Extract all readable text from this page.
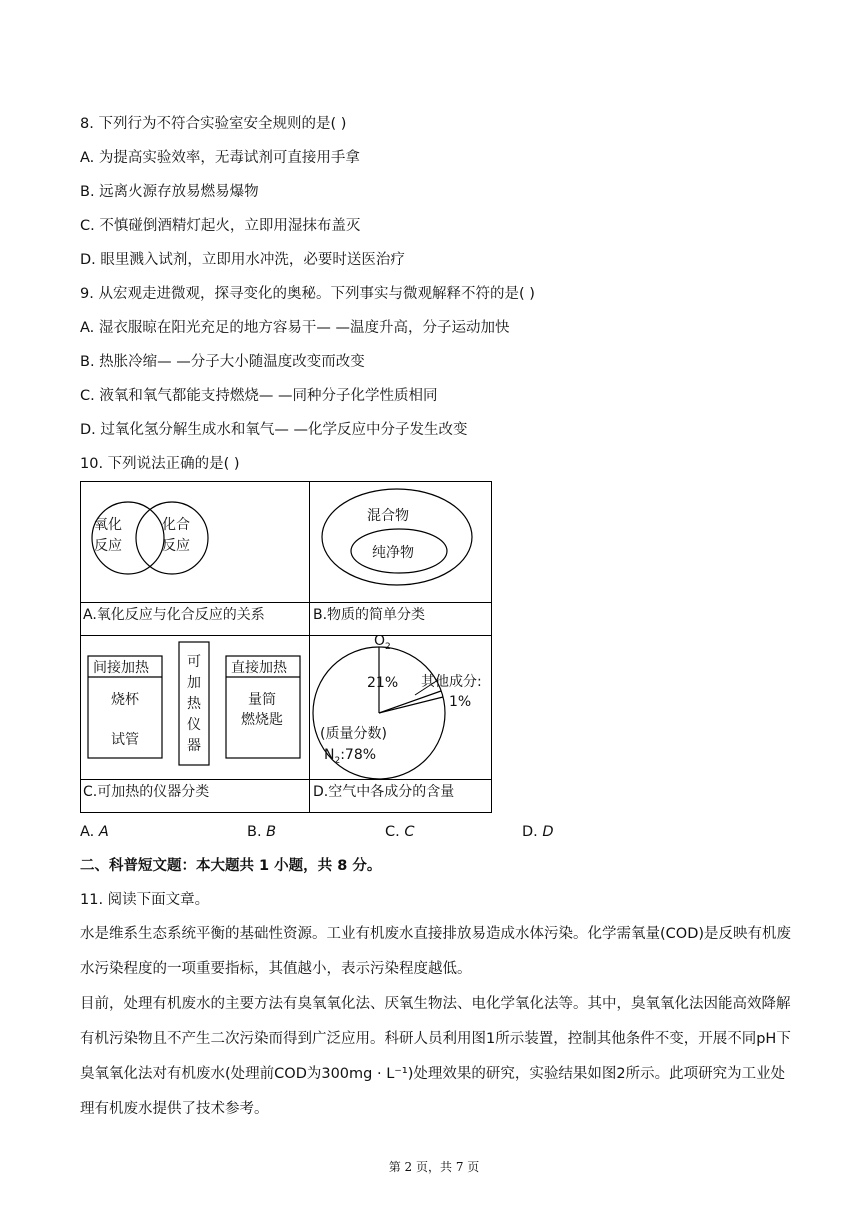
8. 下列行为不符合实验室安全规则的是( )
A. 为提高实验效率，无毒试剂可直接用手拿
B. 远离火源存放易燃易爆物
C. 不慎碰倒酒精灯起火，立即用湿抹布盖灭
D. 眼里溅入试剂，立即用水冲洗，必要时送医治疗
9. 从宏观走进微观，探寻变化的奥秘。下列事实与微观解释不符的是( )
A. 湿衣服晾在阳光充足的地方容易干— —温度升高，分子运动加快
B. 热胀冷缩— —分子大小随温度改变而改变
C. 液氧和氧气都能支持燃烧— —同种分子化学性质相同
D. 过氧化氢分解生成水和氧气— —化学反应中分子发生改变
10. 下列说法正确的是( )
氧化
反应
化合
反应
A.氧化反应与化合反应的关系
混合物
纯净物
B.物质的简单分类
间接加热
烧杯
试管
可
加
热
仪
器
直接加热
量筒
燃烧匙
C.可加热的仪器分类
$O_2$
21% 其他成分:
1%
(质量分数)
$N_2:78\%$
D.空气中各成分的含量
A. A	B. B	C. C	D. D
二、科普短文题：本大题共 1 小题，共 8 分。
11. 阅读下面文章。
水是维系生态系统平衡的基础性资源。工业有机废水直接排放易造成水体污染。化学需氧量(COD)是反映有机废水污染程度的一项重要指标，其值越小，表示污染程度越低。
目前，处理有机废水的主要方法有臭氧氧化法、厌氧生物法、电化学氧化法等。其中，臭氧氧化法因能高效降解有机污染物且不产生二次污染而得到广泛应用。科研人员利用图1所示装置，控制其他条件不变，开展不同pH下臭氧氧化法对有机废水(处理前COD为300mg · L⁻¹)处理效果的研究，实验结果如图2所示。此项研究为工业处理有机废水提供了技术参考。
第 2 页，共 7 页
